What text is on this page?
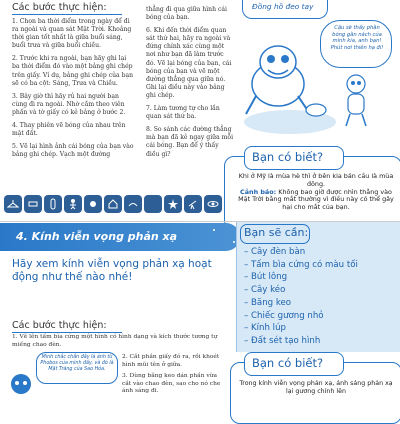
Các bước thực hiện:

1. Chọn ba thời điểm trong ngày để đi ra ngoài và quan sát Mặt Trời. Khoảng thời gian tốt nhất là giữa buổi sáng, buổi trưa và giữa buổi chiều.

2. Trước khi ra ngoài, bạn hãy ghi lại ba thời điểm đó vào một bảng ghi chép trên giấy. Ví dụ, bảng ghi chép của bạn sẽ có ba cột: Sáng, Trưa và Chiều.

3. Bây giờ thì hãy rủ hai người bạn cùng đi ra ngoài. Nhờ cầm theo viên phấn và tờ giấy có kẻ bảng ở bước 2.

4. Thay phiên vẽ bóng của nhau trên mặt đất.

5. Vẽ lại hình ảnh cái bóng của bạn vào bảng ghi chép. Vạch một đường

thẳng đi qua giữa hình cái bóng của bạn.

6. Khi đến thời điểm quan sát thứ hai, hãy ra ngoài và đứng chính xác cùng một nơi như bạn đã làm trước đó. Vẽ lại bóng của bạn, cái bóng của bạn và vẽ một đường thẳng qua giữa nó. Ghi lại điều này vào bảng ghi chép.

7. Làm tương tự cho lần quan sát thứ ba.

8. So sánh các đường thẳng mà bạn đã kẻ ngay giữa mỗi cái bóng. Bạn để ý thấy điều gì?

Đồng hồ đeo tay
Cậu sẽ thấy phần bóng gần nách của mình kìa, anh bạn! Phút nơi thiên hạ đi!
Bạn có biết?
Khi ở Mỹ là mùa hè thì ở bên kia bán cầu là mùa đông.
Cảnh báo: Không bao giờ được nhìn thẳng vào Mặt Trời bằng mắt thường vì điều này có thể gây hại cho mắt của bạn.
4. Kính viễn vọng phản xạ
Hãy xem kính viễn vọng phản xạ hoạt động như thế nào nhé!
Các bước thực hiện:
1. Vẽ lên tấm bìa cứng một hình có hình dạng và kích thước tương tự miếng chao đèn.
Mình chắc chắn đây là ảnh từ Phobos của mình đấy, và đó là Mặt Trăng của Sao Hỏa.
2. Cắt phần giấy đó ra, rồi khoét hình mũi tên ở giữa.
3. Dùng băng keo dán phần vừa cắt vào chao đèn, sao cho nó che ánh sáng đi.
Bạn sẽ cần:
– Cây đèn bàn
– Tấm bìa cứng có màu tối
– Bút lông
– Cây kéo
– Băng keo
– Chiếc gương nhỏ
– Kính lúp
– Đất sét tạo hình
Bạn có biết?
Trong kính viễn vọng phản xạ, ánh sáng phản xạ lại gương chính lên
